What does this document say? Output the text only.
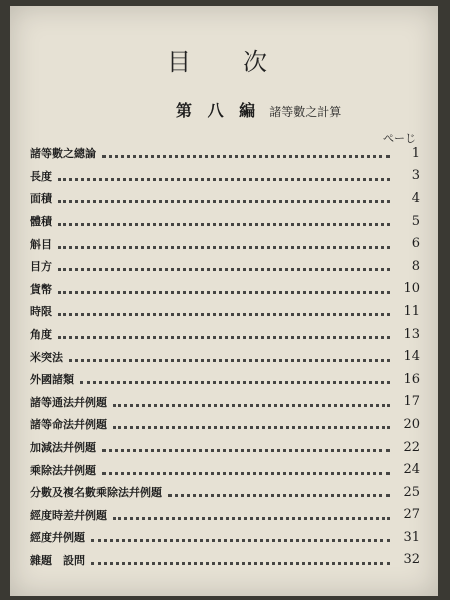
目　次
第 八 編 諸等數之計算
ぺーじ
諸等數之總論	1
長度	3
面積	4
體積	5
斛目	6
目方	8
貨幣	10
時限	11
角度	13
米突法	14
外國諸類	16
諸等通法幷例題	17
諸等命法幷例題	20
加減法幷例題	22
乘除法幷例題	24
分數及複名數乘除法幷例題	25
經度時差幷例題	27
經度幷例題	31
雜題　設問	32
